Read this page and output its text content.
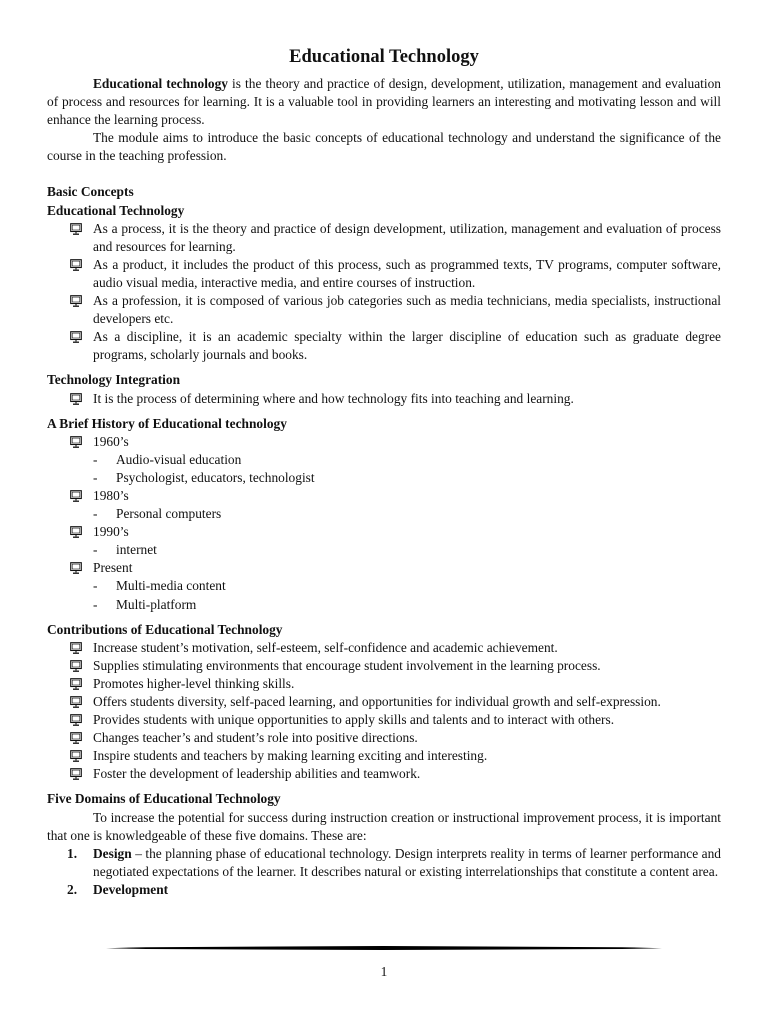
Educational Technology

Educational technology is the theory and practice of design, development, utilization, management and evaluation of process and resources for learning. It is a valuable tool in providing learners an interesting and motivating lesson and will enhance the learning process.

The module aims to introduce the basic concepts of educational technology and understand the significance of the course in the teaching profession.

Basic Concepts
Educational Technology
As a process, it is the theory and practice of design development, utilization, management and evaluation of process and resources for learning.
As a product, it includes the product of this process, such as programmed texts, TV programs, computer software, audio visual media, interactive media, and entire courses of instruction.
As a profession, it is composed of various job categories such as media technicians, media specialists, instructional developers etc.
As a discipline, it is an academic specialty within the larger discipline of education such as graduate degree programs, scholarly journals and books.
Technology Integration
It is the process of determining where and how technology fits into teaching and learning.
A Brief History of Educational technology
1960’s
- Audio-visual education
- Psychologist, educators, technologist
1980’s
- Personal computers
1990’s
- internet
Present
- Multi-media content
- Multi-platform
Contributions of Educational Technology
Increase student’s motivation, self-esteem, self-confidence and academic achievement.
Supplies stimulating environments that encourage student involvement in the learning process.
Promotes higher-level thinking skills.
Offers students diversity, self-paced learning, and opportunities for individual growth and self-expression.
Provides students with unique opportunities to apply skills and talents and to interact with others.
Changes teacher’s and student’s role into positive directions.
Inspire students and teachers by making learning exciting and interesting.
Foster the development of leadership abilities and teamwork.
Five Domains of Educational Technology

To increase the potential for success during instruction creation or instructional improvement process, it is important that one is knowledgeable of these five domains. These are:

1. Design – the planning phase of educational technology. Design interprets reality in terms of learner performance and negotiated expectations of the learner. It describes natural or existing interrelationships that constitute a content area.
2. Development
1
